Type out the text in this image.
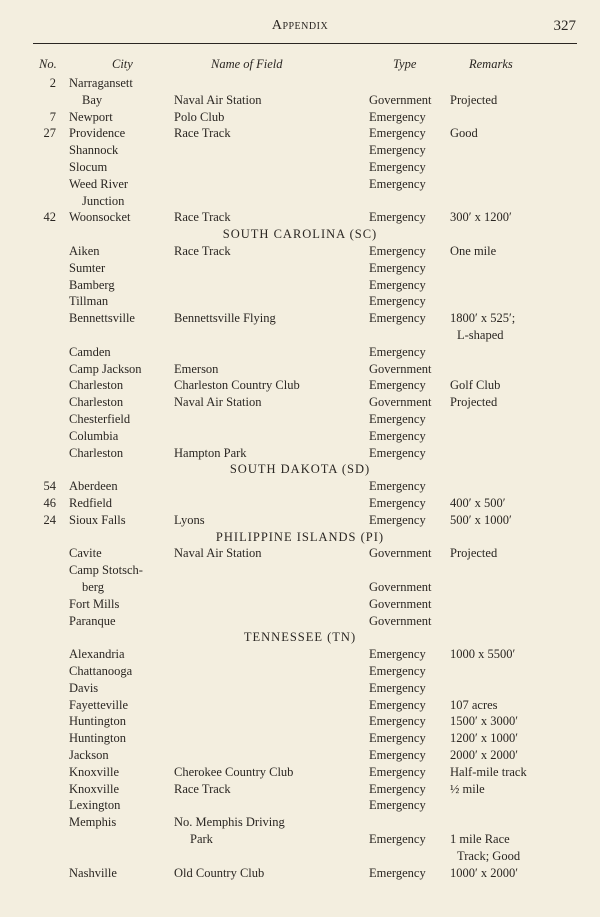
Appendix	327
No.	City	Name of Field	Type	Remarks
2 Narragansett
Bay	Naval Air Station	Government Projected
7 Newport	Polo Club	Emergency
27 Providence	Race Track	Emergency Good
Shannock	Emergency
Slocum	Emergency
Weed River	Emergency
Junction
42 Woonsocket	Race Track	Emergency 300′ x 1200′
SOUTH CAROLINA (SC)
Aiken	Race Track	Emergency One mile
Sumter	Emergency
Bamberg	Emergency
Tillman	Emergency
Bennettsville	Bennettsville Flying	Emergency 1800′ x 525′;
L-shaped
Camden	Emergency
Camp Jackson	Emerson	Government
Charleston	Charleston Country Club	Emergency Golf Club
Charleston	Naval Air Station	Government Projected
Chesterfield	Emergency
Columbia	Emergency
Charleston	Hampton Park	Emergency
SOUTH DAKOTA (SD)
54 Aberdeen	Emergency
46 Redfield	Emergency 400′ x 500′
24 Sioux Falls	Lyons	Emergency 500′ x 1000′
PHILIPPINE ISLANDS (PI)
Cavite	Naval Air Station	Government Projected
Camp Stotsch-
berg	Government
Fort Mills	Government
Paranque	Government
TENNESSEE (TN)
Alexandria	Emergency 1000 x 5500′
Chattanooga	Emergency
Davis	Emergency
Fayetteville	Emergency 107 acres
Huntington	Emergency 1500′ x 3000′
Huntington	Emergency 1200′ x 1000′
Jackson	Emergency 2000′ x 2000′
Knoxville	Cherokee Country Club	Emergency Half-mile track
Knoxville	Race Track	Emergency ½ mile
Lexington	Emergency
Memphis	No. Memphis Driving
Park	Emergency 1 mile Race
Track; Good
Nashville	Old Country Club	Emergency 1000′ x 2000′
